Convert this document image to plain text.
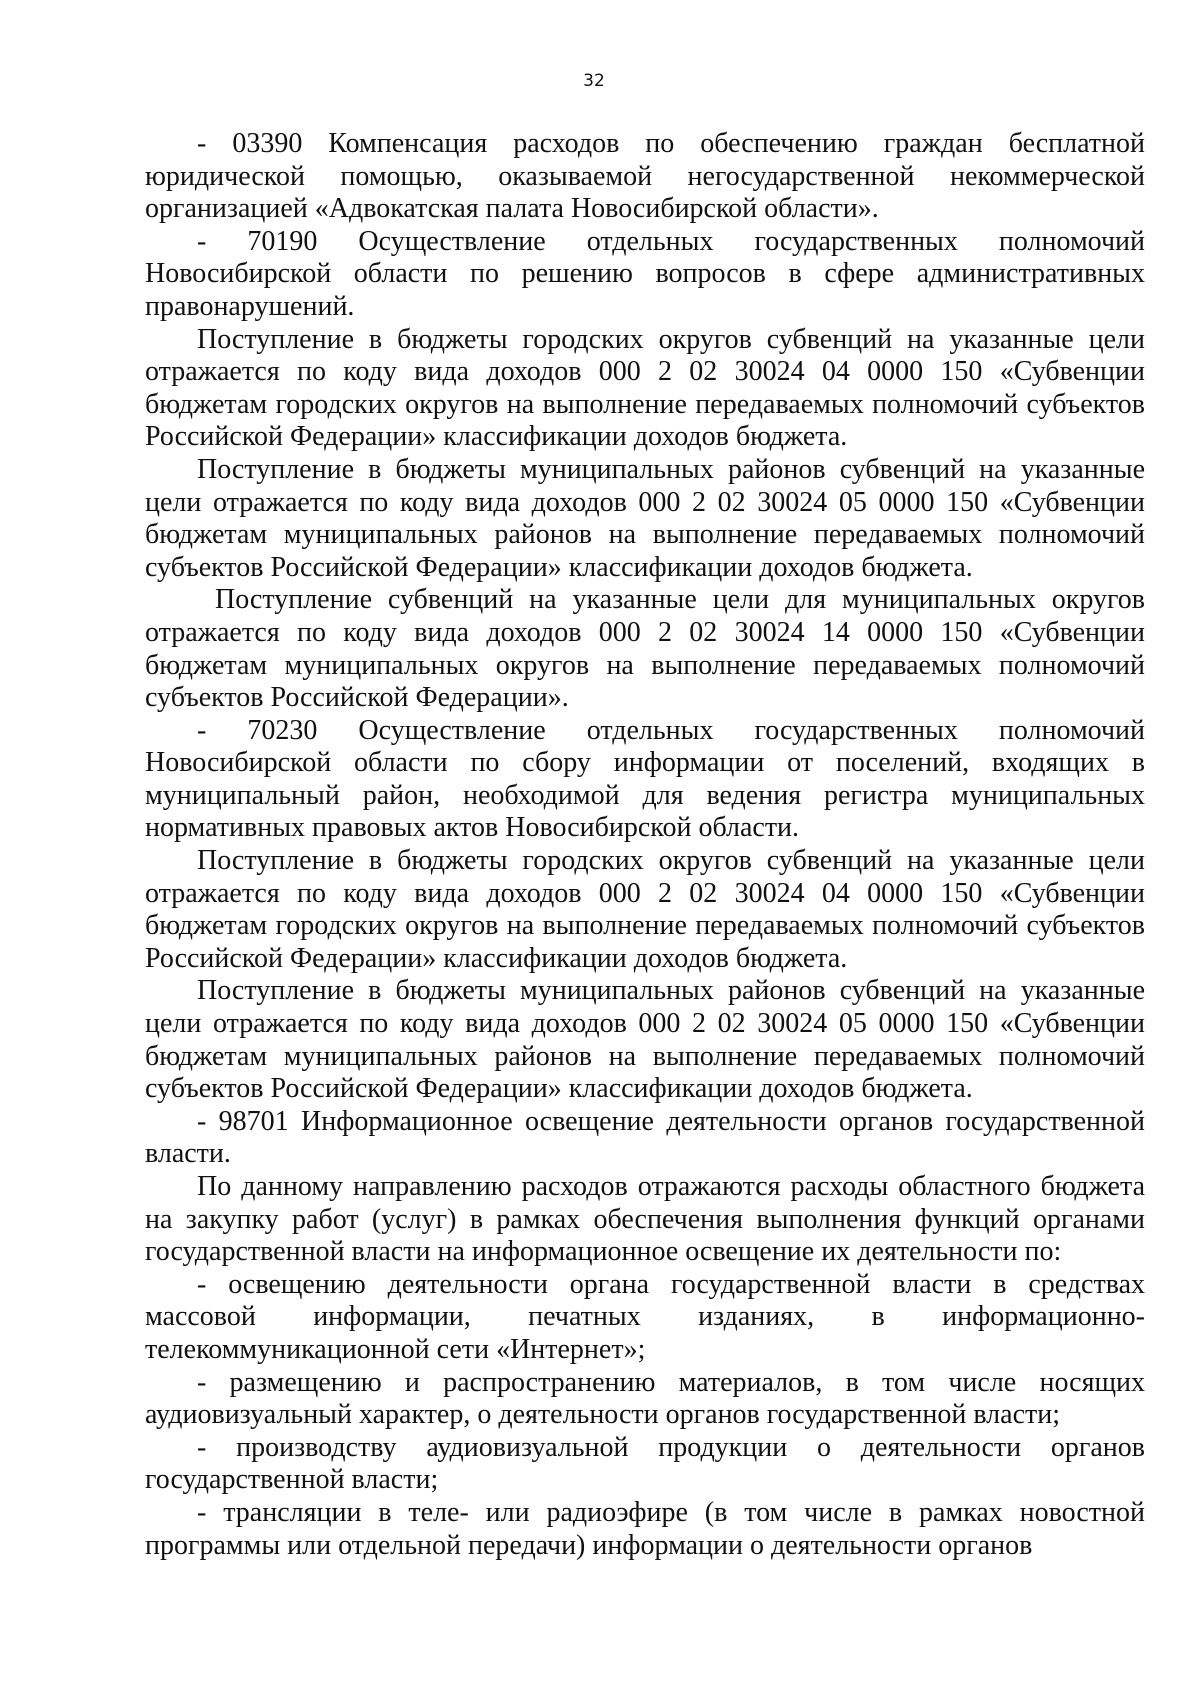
32

- 03390 Компенсация расходов по обеспечению граждан бесплатной юридической помощью, оказываемой негосударственной некоммерческой организацией «Адвокатская палата Новосибирской области».

- 70190 Осуществление отдельных государственных полномочий Новосибирской области по решению вопросов в сфере административных правонарушений.

Поступление в бюджеты городских округов субвенций на указанные цели отражается по коду вида доходов 000 2 02 30024 04 0000 150 «Субвенции бюджетам городских округов на выполнение передаваемых полномочий субъектов Российской Федерации» классификации доходов бюджета.

Поступление в бюджеты муниципальных районов субвенций на указанные цели отражается по коду вида доходов 000 2 02 30024 05 0000 150 «Субвенции бюджетам муниципальных районов на выполнение передаваемых полномочий субъектов Российской Федерации» классификации доходов бюджета.

Поступление субвенций на указанные цели для муниципальных округов отражается по коду вида доходов 000 2 02 30024 14 0000 150 «Субвенции бюджетам муниципальных округов на выполнение передаваемых полномочий субъектов Российской Федерации».

- 70230 Осуществление отдельных государственных полномочий Новосибирской области по сбору информации от поселений, входящих в муниципальный район, необходимой для ведения регистра муниципальных нормативных правовых актов Новосибирской области.

Поступление в бюджеты городских округов субвенций на указанные цели отражается по коду вида доходов 000 2 02 30024 04 0000 150 «Субвенции бюджетам городских округов на выполнение передаваемых полномочий субъектов Российской Федерации» классификации доходов бюджета.

Поступление в бюджеты муниципальных районов субвенций на указанные цели отражается по коду вида доходов 000 2 02 30024 05 0000 150 «Субвенции бюджетам муниципальных районов на выполнение передаваемых полномочий субъектов Российской Федерации» классификации доходов бюджета.

- 98701 Информационное освещение деятельности органов государственной власти.

По данному направлению расходов отражаются расходы областного бюджета на закупку работ (услуг) в рамках обеспечения выполнения функций органами государственной власти на информационное освещение их деятельности по:

- освещению деятельности органа государственной власти в средствах массовой информации, печатных изданиях, в информационно-телекоммуникационной сети «Интернет»;

- размещению и распространению материалов, в том числе носящих аудиовизуальный характер, о деятельности органов государственной власти;

- производству аудиовизуальной продукции о деятельности органов государственной власти;

- трансляции в теле- или радиоэфире (в том числе в рамках новостной программы или отдельной передачи) информации о деятельности органов
